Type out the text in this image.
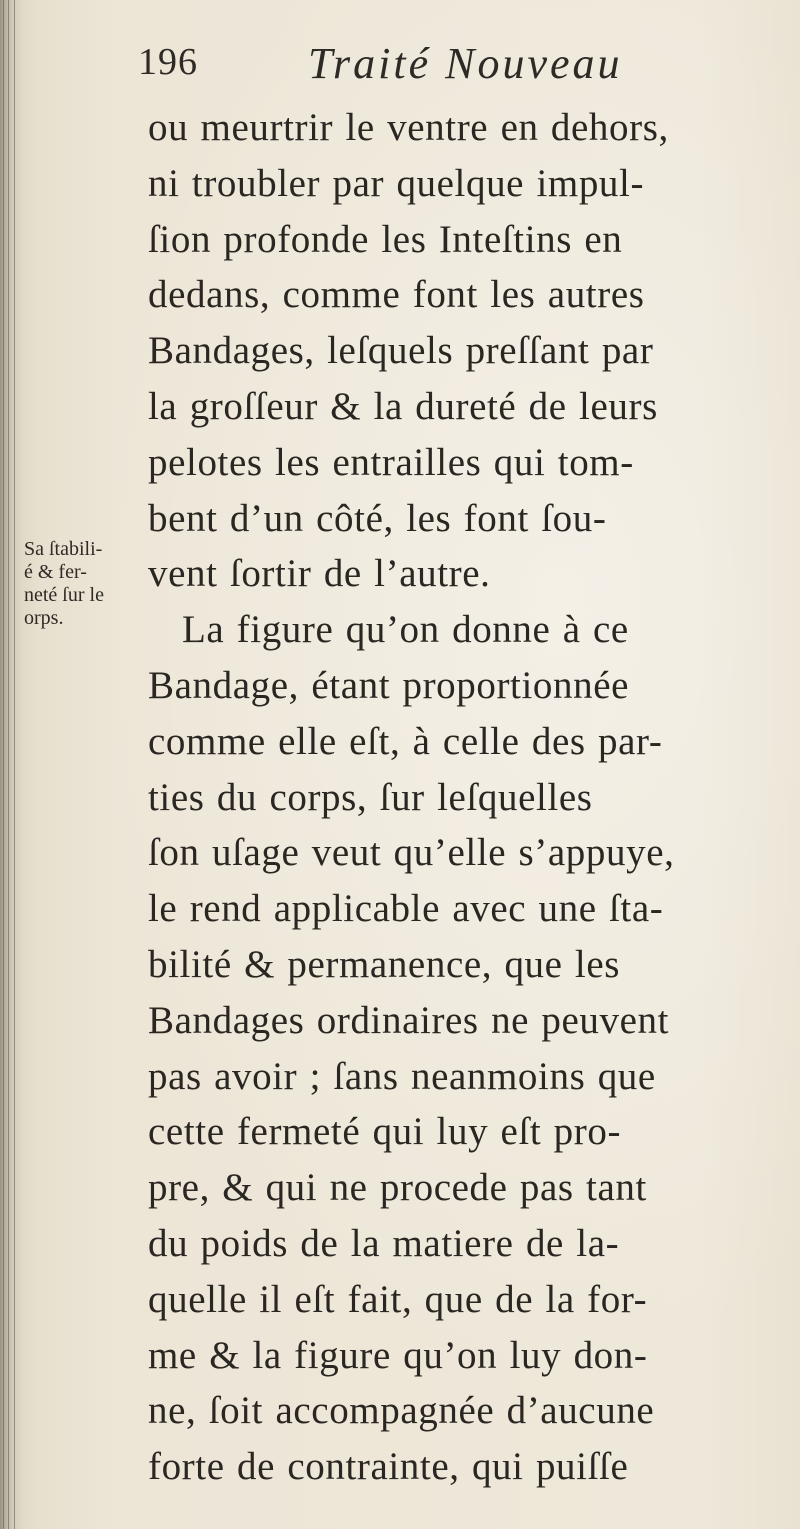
196	Traité Nouveau
Sa ſtabili-
é & fer-
neté ſur le
orps.
ou meurtrir le ventre en dehors,
ni troubler par quelque impul-
ſion profonde les Inteſtins en
dedans, comme font les autres
Bandages, leſquels preſſant par
la groſſeur & la dureté de leurs
pelotes les entrailles qui tom-
bent d’un côté, les font ſou-
vent ſortir de l’autre.
La figure qu’on donne à ce
Bandage, étant proportionnée
comme elle eſt, à celle des par-
ties du corps, ſur leſquelles
ſon uſage veut qu’elle s’appuye,
le rend applicable avec une ſta-
bilité & permanence, que les
Bandages ordinaires ne peuvent
pas avoir ; ſans neanmoins que
cette fermeté qui luy eſt pro-
pre, & qui ne procede pas tant
du poids de la matiere de la-
quelle il eſt fait, que de la for-
me & la figure qu’on luy don-
ne, ſoit accompagnée d’aucune
forte de contrainte, qui puiſſe
